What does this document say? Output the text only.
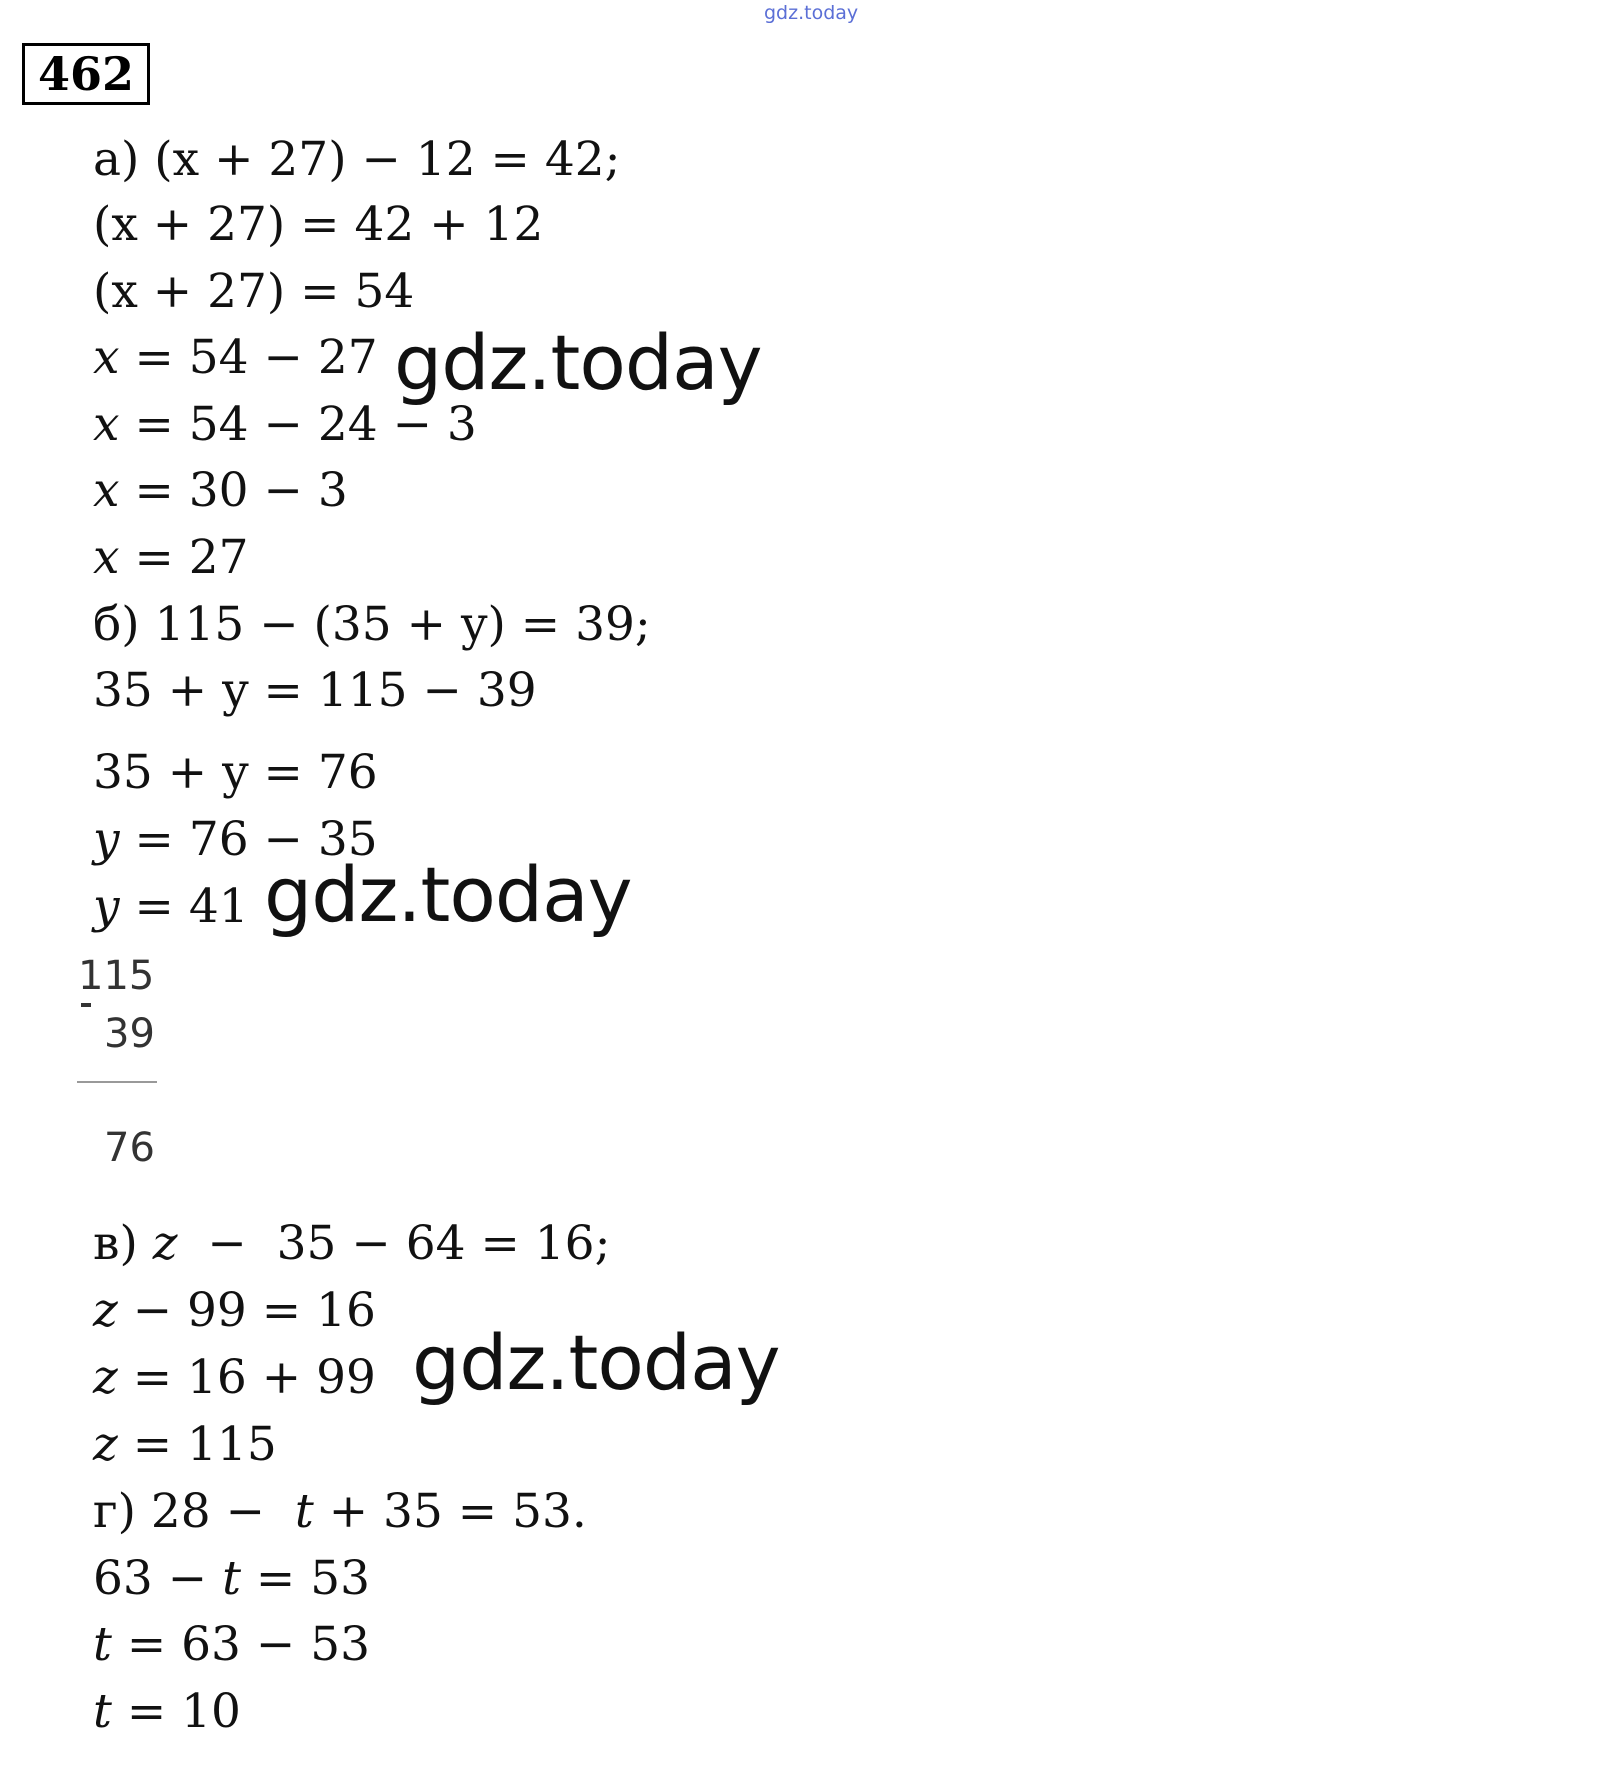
gdz.today
462
а) (x + 27) − 12 = 42;
(x + 27) = 42 + 12
(x + 27) = 54
𝑥 = 54 − 27
𝑥 = 54 − 24 − 3
𝑥 = 30 − 3
𝑥 = 27
б) 115 − (35 + y) = 39;
35 + y = 115 − 39
35 + y = 76
𝑦 = 76 − 35
𝑦 = 41
115
39
76
в) 𝑧  −  35 − 64 = 16;
𝑧 − 99 = 16
𝑧 = 16 + 99
𝑧 = 115
г) 28 −  𝑡 + 35 = 53.
63 − 𝑡 = 53
𝑡 = 63 − 53
𝑡 = 10
gdz.today
gdz.today
gdz.today
